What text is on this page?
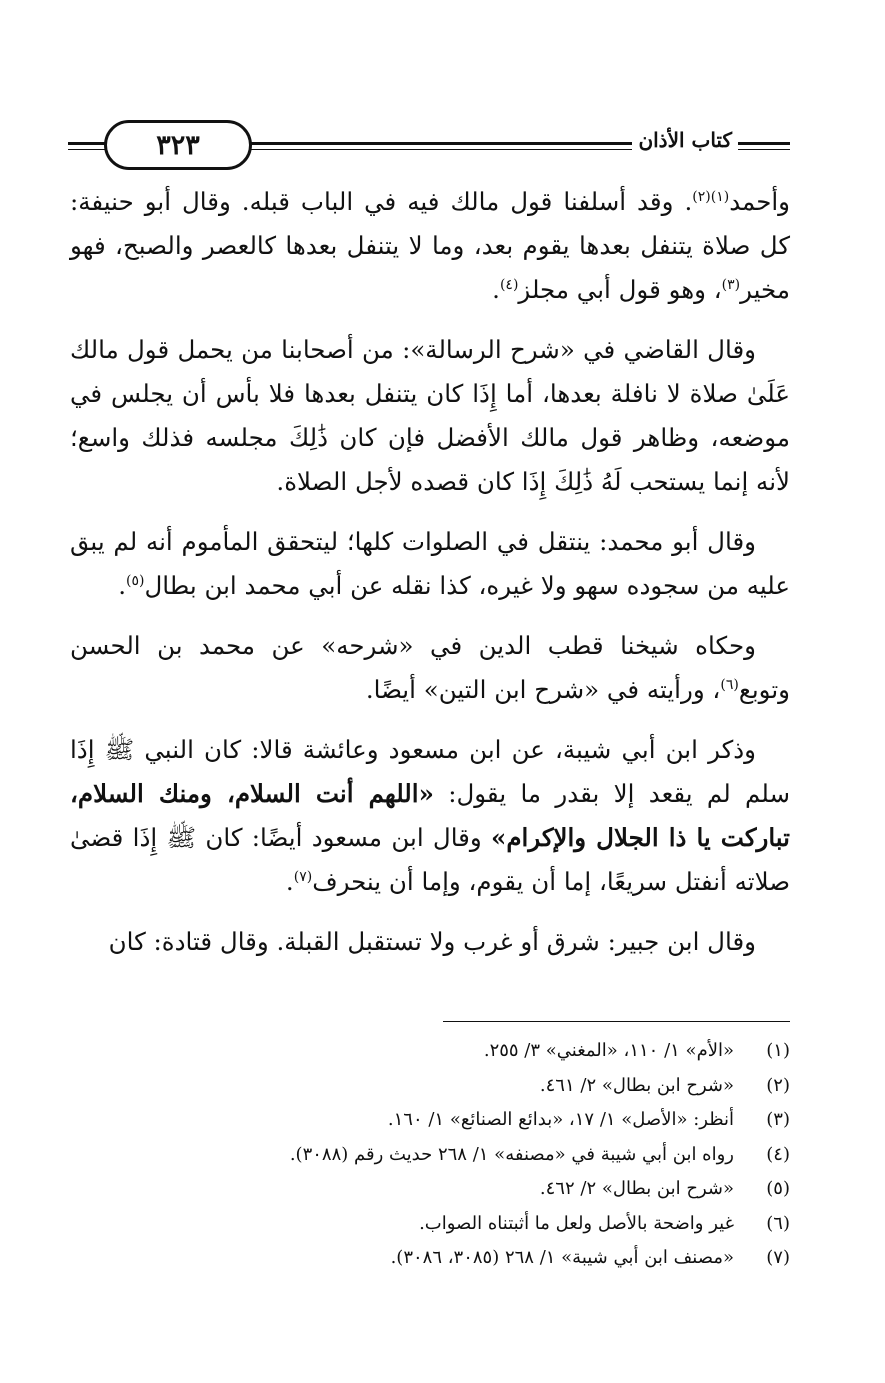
٣٢٣	كتاب الأذان

وأحمد$^{(١)(٢)}$. وقد أسلفنا قول مالك فيه في الباب قبله. وقال أبو حنيفة: كل صلاة يتنفل بعدها يقوم بعد، وما لا يتنفل بعدها كالعصر والصبح، فهو مخير$^{(٣)}$، وهو قول أبي مجلز$^{(٤)}$.

وقال القاضي في «شرح الرسالة»: من أصحابنا من يحمل قول مالك عَلَىٰ صلاة لا نافلة بعدها، أما إِذَا كان يتنفل بعدها فلا بأس أن يجلس في موضعه، وظاهر قول مالك الأفضل فإن كان ذَٰلِكَ مجلسه فذلك واسع؛ لأنه إنما يستحب لَهُ ذَٰلِكَ إِذَا كان قصده لأجل الصلاة.

وقال أبو محمد: ينتقل في الصلوات كلها؛ ليتحقق المأموم أنه لم يبق عليه من سجوده سهو ولا غيره، كذا نقله عن أبي محمد ابن بطال$^{(٥)}$.

وحكاه شيخنا قطب الدين في «شرحه» عن محمد بن الحسن وتوبع$^{(٦)}$، ورأيته في «شرح ابن التين» أيضًا.

وذكر ابن أبي شيبة، عن ابن مسعود وعائشة قالا: كان النبي ﷺ إِذَا سلم لم يقعد إلا بقدر ما يقول: «اللهم أنت السلام، ومنك السلام، تباركت يا ذا الجلال والإكرام» وقال ابن مسعود أيضًا: كان ﷺ إِذَا قضىٰ صلاته أنفتل سريعًا، إما أن يقوم، وإما أن ينحرف$^{(٧)}$.

وقال ابن جبير: شرق أو غرب ولا تستقبل القبلة. وقال قتادة: كان

(١)
«الأم» ١/ ١١٠، «المغني» ٣/ ٢٥٥.
(٢)
«شرح ابن بطال» ٢/ ٤٦١.
(٣)
أنظر: «الأصل» ١/ ١٧، «بدائع الصنائع» ١/ ١٦٠.
(٤)
رواه ابن أبي شيبة في «مصنفه» ١/ ٢٦٨ حديث رقم (٣٠٨٨).
(٥)
«شرح ابن بطال» ٢/ ٤٦٢.
(٦)
غير واضحة بالأصل ولعل ما أثبتناه الصواب.
(٧)
«مصنف ابن أبي شيبة» ١/ ٢٦٨ (٣٠٨٥، ٣٠٨٦).
